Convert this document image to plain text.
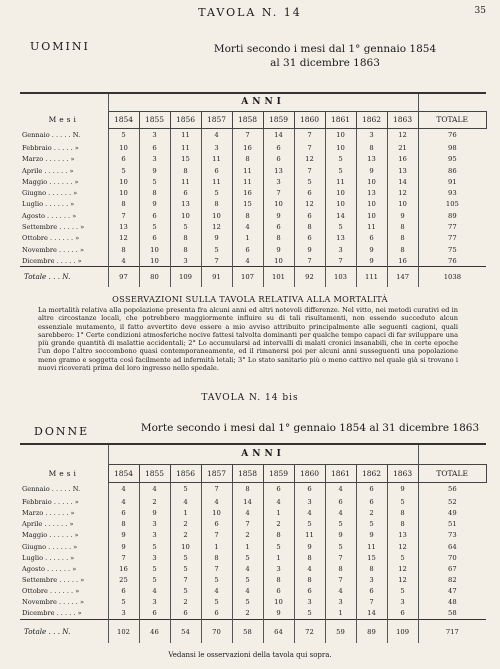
35
TAVOLA N. 14
UOMINI	Morti secondo i mesi dal 1° gennaio 1854
al 31 dicembre 1863
	ANNI										
Mesi	1854	1855	1856	1857	1858	1859	1860	1861	1862	1863	TOTALE
Gennaio . . . . . N.	5	3	11	4	7	14	7	10	3	12	76
Febbraio . . . . . »	10	6	11	3	16	6	7	10	8	21	98
Marzo . . . . . . »	6	3	15	11	8	6	12	5	13	16	95
Aprile . . . . . . »	5	9	8	6	11	13	7	5	9	13	86
Maggio . . . . . . »	10	5	11	11	11	3	5	11	10	14	91
Giugno . . . . . . »	10	8	6	5	16	7	6	10	13	12	93
Luglio . . . . . . »	8	9	13	8	15	10	12	10	10	10	105
Agosto . . . . . . »	7	6	10	10	8	9	6	14	10	9	89
Settembre . . . . . »	13	5	5	12	4	6	8	5	11	8	77
Ottobre . . . . . . »	12	6	8	9	1	8	6	13	6	8	77
Novembre . . . . . »	8	10	8	5	6	9	9	3	9	8	75
Dicembre . . . . . »	4	10	3	7	4	10	7	7	9	16	76
Totale . . . N.	97	80	109	91	107	101	92	103	111	147	1038
OSSERVAZIONI SULLA TAVOLA RELATIVA ALLA MORTALITÀ
La mortalità relativa alla popolazione presenta fra alcuni anni ed altri notevoli differenze. Nel vitto, nei metodi curativi ed in altre circostanze locali, che potrebbero maggiormente influire su di tali risultamenti, non essendo succeduto alcun essenziale mutamento, il fatto avvertito deve essere a mio avviso attribuito principalmente alle seguenti cagioni, quali sarebbero: 1° Certe condizioni atmosferiche nocive fattesi talvolta dominanti per qualche tempo capaci di far sviluppare una più grande quantità di malattie accidentali; 2° Lo accumularsi ad intervalli di malati cronici insanabili, che in certe epoche l'un dopo l'altro soccombono quasi contemporaneamente, ed il rimanersi poi per alcuni anni susseguenti una popolazione meno gramo e soggetta così facilmente ad infermità letali; 3° Lo stato sanitario più o meno cattivo nel quale già si trovano i nuovi ricoverati prima del loro ingresso nello spedale.
TAVOLA N. 14 bis
DONNE	Morte secondo i mesi dal 1° gennaio 1854 al 31 dicembre 1863
	ANNI										
Mesi	1854	1855	1856	1857	1858	1859	1860	1861	1862	1863	TOTALE
Gennaio . . . . . N.	4	4	5	7	8	6	6	4	6	9	56
Febbraio . . . . . »	4	2	4	4	14	4	3	6	6	5	52
Marzo . . . . . . »	6	9	1	10	4	1	4	4	2	8	49
Aprile . . . . . . »	8	3	2	6	7	2	5	5	5	8	51
Maggio . . . . . . »	9	3	2	7	2	8	11	9	9	13	73
Giugno . . . . . . »	9	5	10	1	1	5	9	5	11	12	64
Luglio . . . . . . »	7	3	5	8	5	1	8	7	15	5	70
Agosto . . . . . . »	16	5	5	7	4	3	4	8	8	12	67
Settembre . . . . . »	25	5	7	5	5	8	8	7	3	12	82
Ottobre . . . . . . »	6	4	5	4	4	6	6	4	6	5	47
Novembre . . . . . »	5	3	2	5	5	10	3	3	7	3	48
Dicembre . . . . . »	3	6	6	6	2	9	5	1	14	6	58
Totale . . . N.	102	46	54	70	58	64	72	59	89	109	717
Vedansi le osservazioni della tavola qui sopra.
